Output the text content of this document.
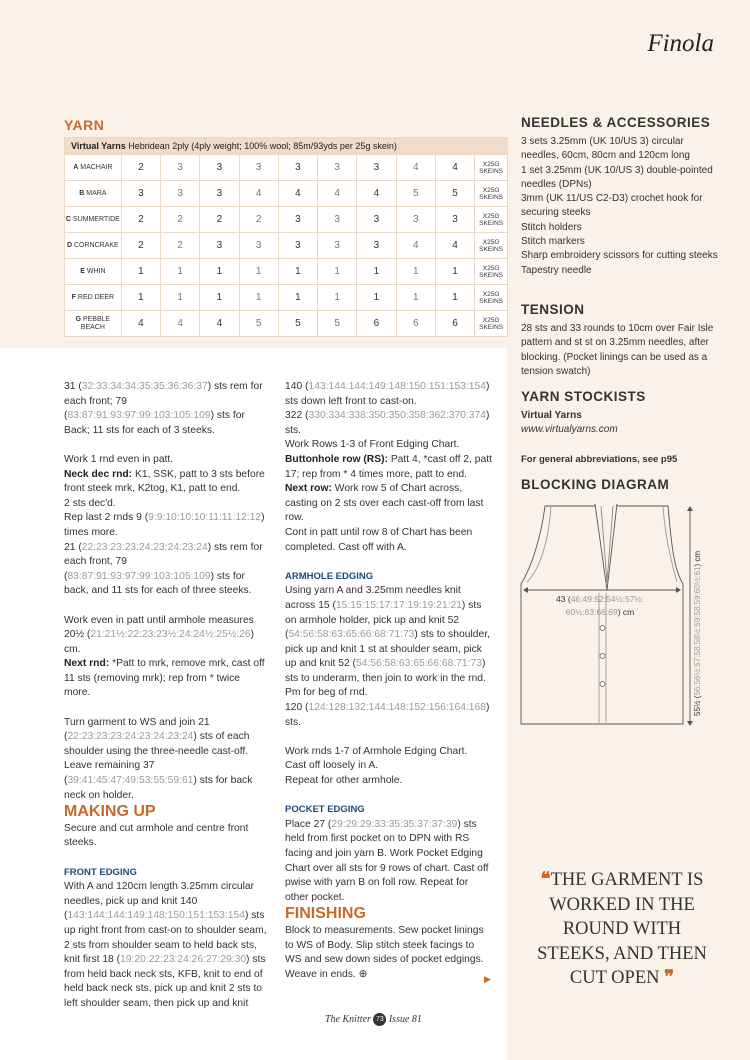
Finola
YARN
Virtual Yarns Hebridean 2ply (4ply weight; 100% wool; 85m/93yds per 25g skein)										
A MACHAIR	2	3	3	3	3	3	3	4	4	X25G SKEINS
B MARA	3	3	3	4	4	4	4	5	5	X25G SKEINS
C SUMMERTIDE	2	2	2	2	3	3	3	3	3	X25G SKEINS
D CORNCRAKE	2	2	3	3	3	3	3	4	4	X25G SKEINS
E WHIN	1	1	1	1	1	1	1	1	1	X25G SKEINS
F RED DEER	1	1	1	1	1	1	1	1	1	X25G SKEINS
G PEBBLE BEACH	4	4	4	5	5	5	6	6	6	X25G SKEINS

31 (32:33:34:34:35:35:36:36:37) sts rem for each front; 79 (83:87:91:93:97:99:103:105:109) sts for Back; 11 sts for each of 3 steeks.

Work 1 rnd even in patt.

Neck dec rnd: K1, SSK, patt to 3 sts before front steek mrk, K2tog, K1, patt to end.

2 sts dec'd.

Rep last 2 rnds 9 (9:9:10:10:10:11:11:12:12) times more.

21 (22:23:23:23:24:23:24:23:24) sts rem for each front, 79 (83:87:91:93:97:99:103:105:109) sts for back, and 11 sts for each of three steeks.

Work even in patt until armhole measures 20½ (21:21½:22:23:23½:24:24½:25½:26) cm.

Next rnd: *Patt to mrk, remove mrk, cast off 11 sts (removing mrk); rep from * twice more.

Turn garment to WS and join 21 (22:23:23:23:24:23:24:23:24) sts of each shoulder using the three-needle cast-off.

Leave remaining 37 (39:41:45:47:49:53:55:59:61) sts for back neck on holder.

MAKING UP

Secure and cut armhole and centre front steeks.

FRONT EDGING

With A and 120cm length 3.25mm circular needles, pick up and knit 140 (143:144:144:149:148:150:151:153:154) sts up right front from cast-on to shoulder seam, 2 sts from shoulder seam to held back sts, knit first 18 (19:20:22:23:24:26:27:29:30) sts from held back neck sts, KFB, knit to end of held back neck sts, pick up and knit 2 sts to left shoulder seam, then pick up and knit

140 (143:144:144:149:148:150:151:153:154) sts down left front to cast-on.

322 (330:334:338:350:350:358:362:370:374) sts.

Work Rows 1-3 of Front Edging Chart.

Buttonhole row (RS): Patt 4, *cast off 2, patt 17; rep from * 4 times more, patt to end.

Next row: Work row 5 of Chart across, casting on 2 sts over each cast-off from last row.

Cont in patt until row 8 of Chart has been completed. Cast off with A.

ARMHOLE EDGING

Using yarn A and 3.25mm needles knit across 15 (15:15:15:17:17:19:19:21:21) sts on armhole holder, pick up and knit 52 (54:56:58:63:65:66:68:71:73) sts to shoulder, pick up and knit 1 st at shoulder seam, pick up and knit 52 (54:56:58:63:65:66:68:71:73) sts to underarm, then join to work in the rnd. Pm for beg of rnd.

120 (124:128:132:144:148:152:156:164:168) sts.

Work rnds 1-7 of Armhole Edging Chart.

Cast off loosely in A.

Repeat for other armhole.

POCKET EDGING

Place 27 (29:29:29:33:35:35:37:37:39) sts held from first pocket on to DPN with RS facing and join yarn B. Work Pocket Edging Chart over all sts for 9 rows of chart. Cast off pwise with yarn B on foll row. Repeat for other pocket.

FINISHING

Block to measurements. Sew pocket linings to WS of Body. Slip stitch steek facings to WS and sew down sides of pocket edgings. Weave in ends. ⊕	▶
NEEDLES & ACCESSORIES
3 sets 3.25mm (UK 10/US 3) circular needles, 60cm, 80cm and 120cm long
1 set 3.25mm (UK 10/US 3) double-pointed needles (DPNs)
3mm (UK 11/US C2-D3) crochet hook for securing steeks
Stitch holders
Stitch markers
Sharp embroidery scissors for cutting steeks
Tapestry needle
TENSION
28 sts and 33 rounds to 10cm over Fair Isle pattern and st st on 3.25mm needles, after blocking. (Pocket linings can be used as a tension swatch)
YARN STOCKISTS
Virtual Yarns
www.virtualyarns.com
For general abbreviations, see p95
BLOCKING DIAGRAM
43 (46:49:52:54½:57½:
60½:63:66:69) cm
55½ (56:56½:57:58:58½:59:58:59:60½:61) cm
❝THE GARMENT IS WORKED IN THE ROUND WITH STEEKS, AND THEN CUT OPEN ❞
The Knitter 73 Issue 81
